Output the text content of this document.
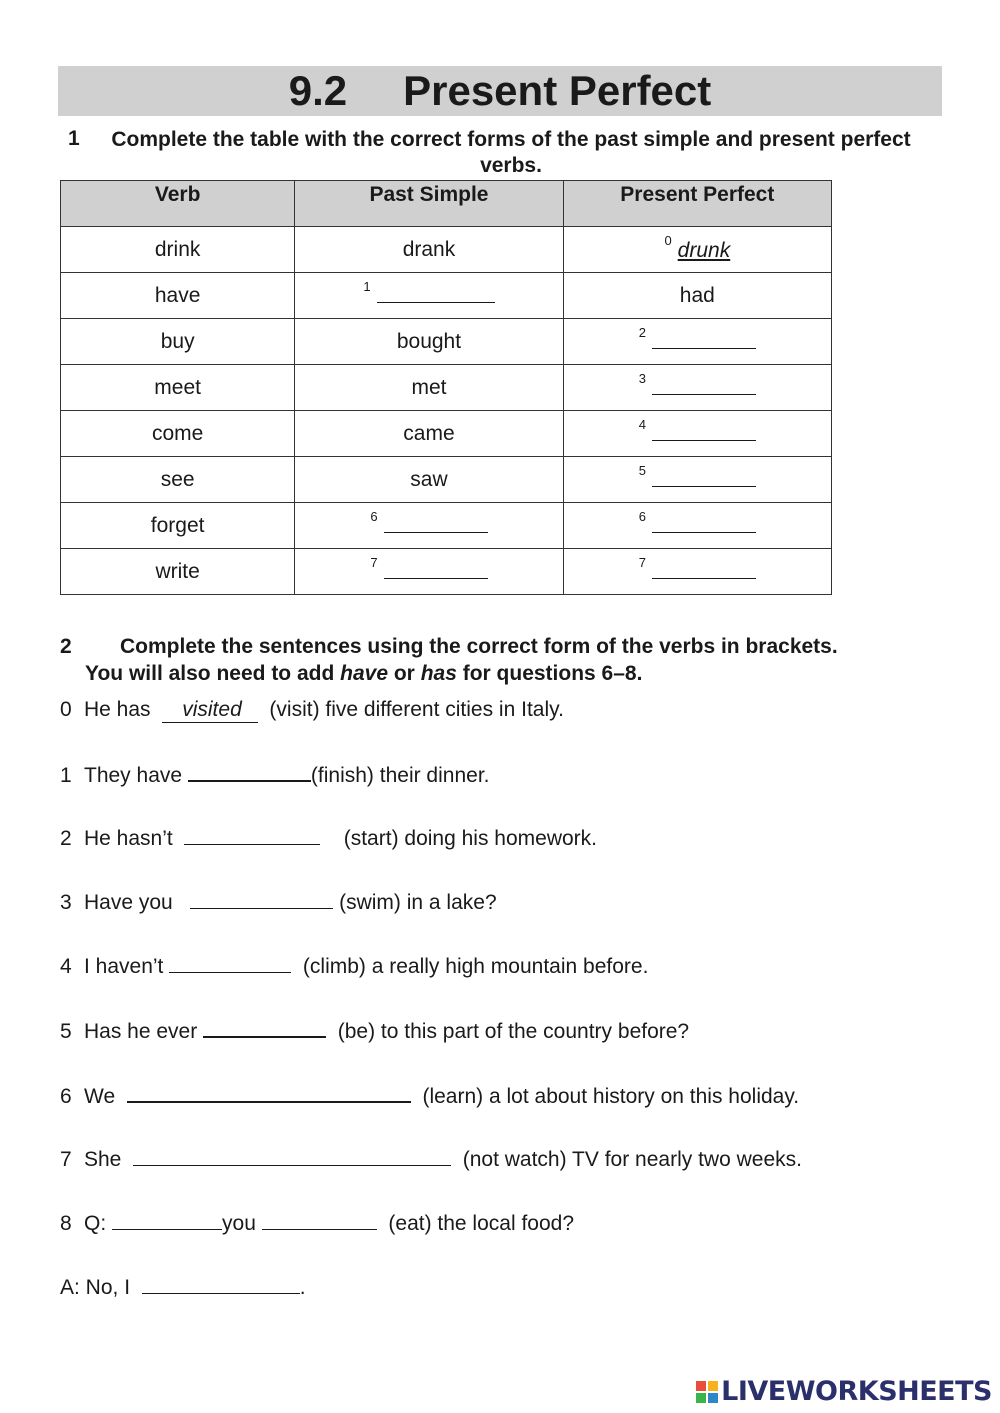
9.2 Present Perfect
1	Complete the table with the correct forms of the past simple and present perfect verbs.
Verb	Past Simple	Present Perfect
drink	drank	$^0$ drunk
have	$^1$	had
buy	bought	$^2$
meet	met	$^3$
come	came	$^4$
see	saw	$^5$
forget	$^6$	$^6$
write	$^7$	$^7$
2 Complete the sentences using the correct form of the verbs in brackets.
You will also need to add have or has for questions 6–8.
0 He has visited (visit) five different cities in Italy.
1 They have	(finish) their dinner.
2 He hasn’t	(start) doing his homework.
3 Have you	(swim) in a lake?
4 I haven’t	(climb) a really high mountain before.
5 Has he ever	(be) to this part of the country before?
6 We	(learn) a lot about history on this holiday.
7 She	(not watch) TV for nearly two weeks.
8 Q:	you	(eat) the local food?
A: No, I	.
LIVEWORKSHEETS
